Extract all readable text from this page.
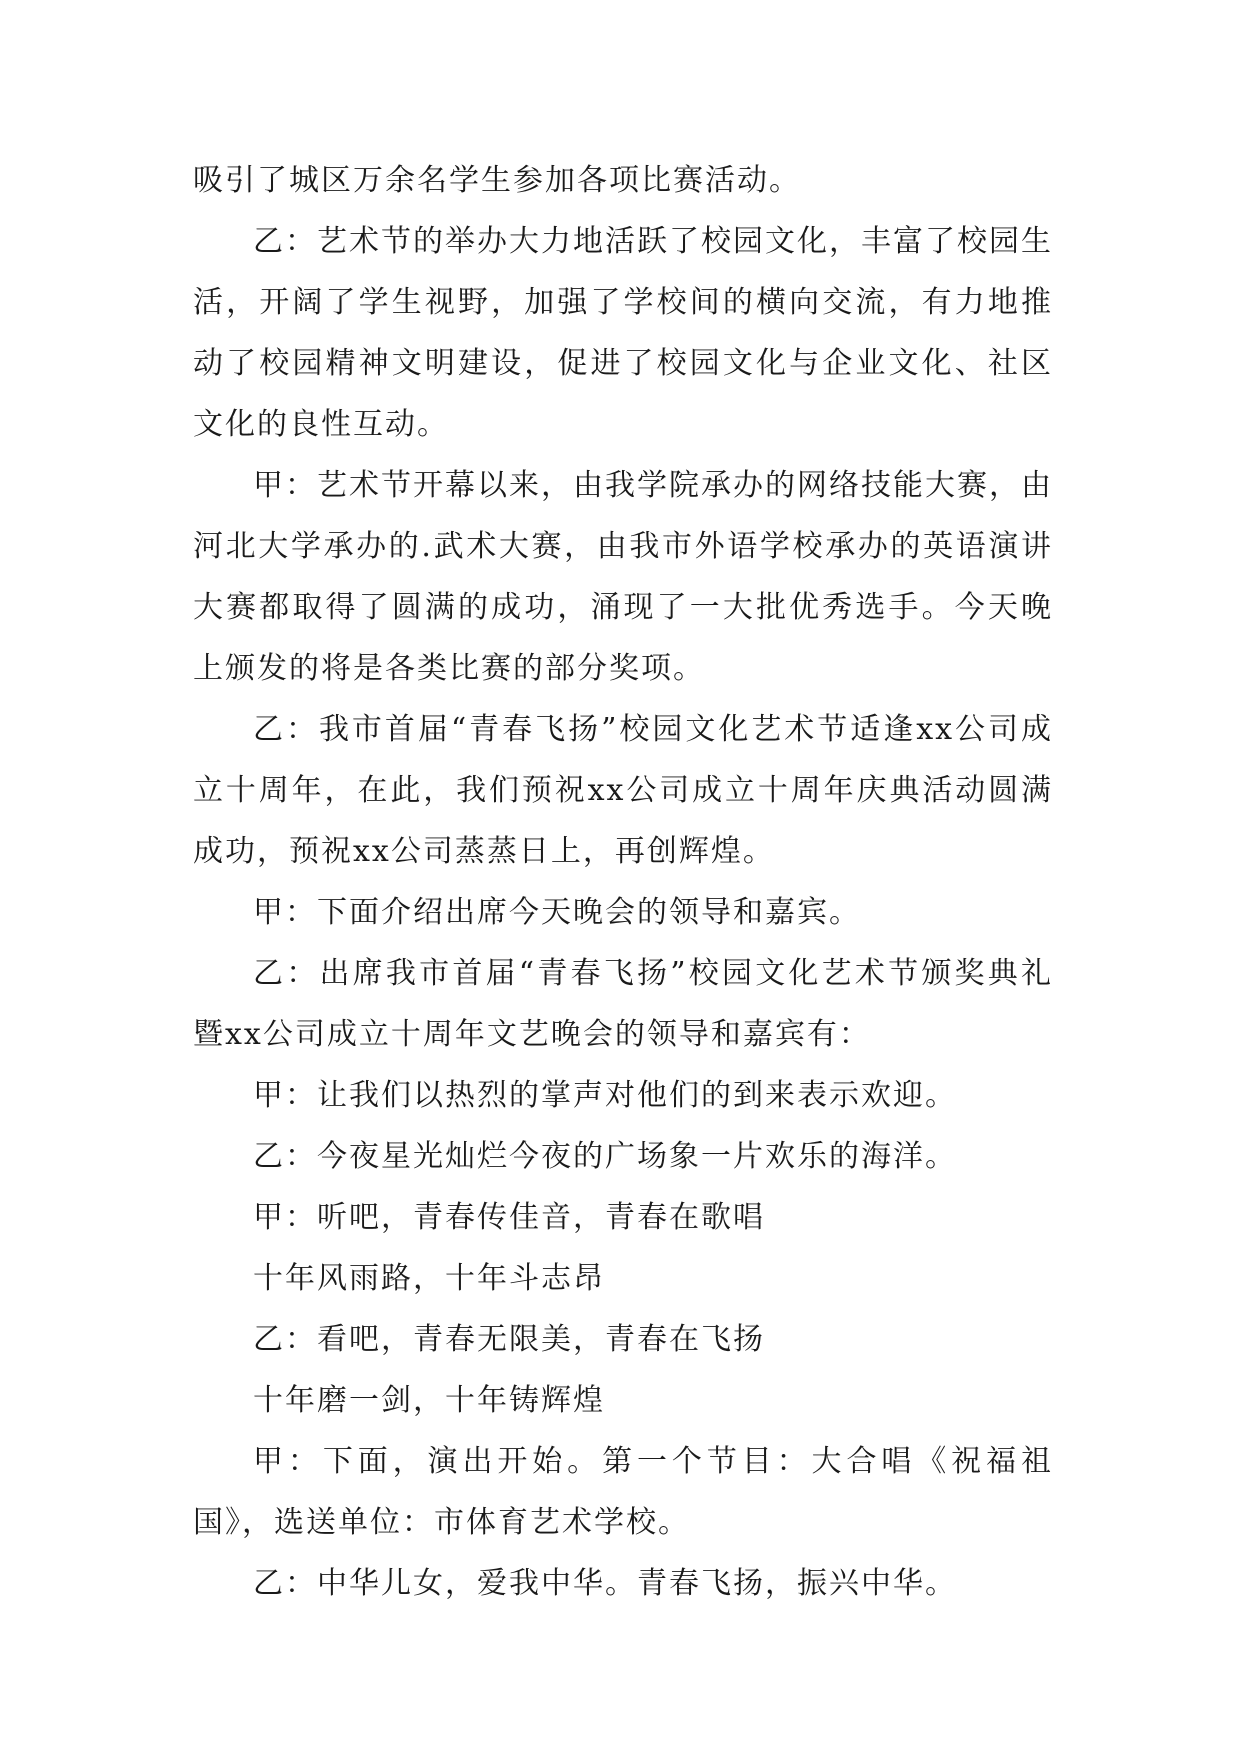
吸引了城区万余名学生参加各项比赛活动。

乙：艺术节的举办大力地活跃了校园文化，丰富了校园生活，开阔了学生视野，加强了学校间的横向交流，有力地推动了校园精神文明建设，促进了校园文化与企业文化、社区文化的良性互动。

甲：艺术节开幕以来，由我学院承办的网络技能大赛，由河北大学承办的.武术大赛，由我市外语学校承办的英语演讲大赛都取得了圆满的成功，涌现了一大批优秀选手。今天晚上颁发的将是各类比赛的部分奖项。

乙：我市首届“青春飞扬”校园文化艺术节适逢xx公司成立十周年，在此，我们预祝xx公司成立十周年庆典活动圆满成功，预祝xx公司蒸蒸日上，再创辉煌。

甲：下面介绍出席今天晚会的领导和嘉宾。

乙：出席我市首届“青春飞扬”校园文化艺术节颁奖典礼暨xx公司成立十周年文艺晚会的领导和嘉宾有：

甲：让我们以热烈的掌声对他们的到来表示欢迎。

乙：今夜星光灿烂今夜的广场象一片欢乐的海洋。

甲：听吧，青春传佳音，青春在歌唱

十年风雨路，十年斗志昂

乙：看吧，青春无限美，青春在飞扬

十年磨一剑，十年铸辉煌

甲：下面，演出开始。第一个节目：大合唱《祝福祖国》，选送单位：市体育艺术学校。

乙：中华儿女，爱我中华。青春飞扬，振兴中华。
